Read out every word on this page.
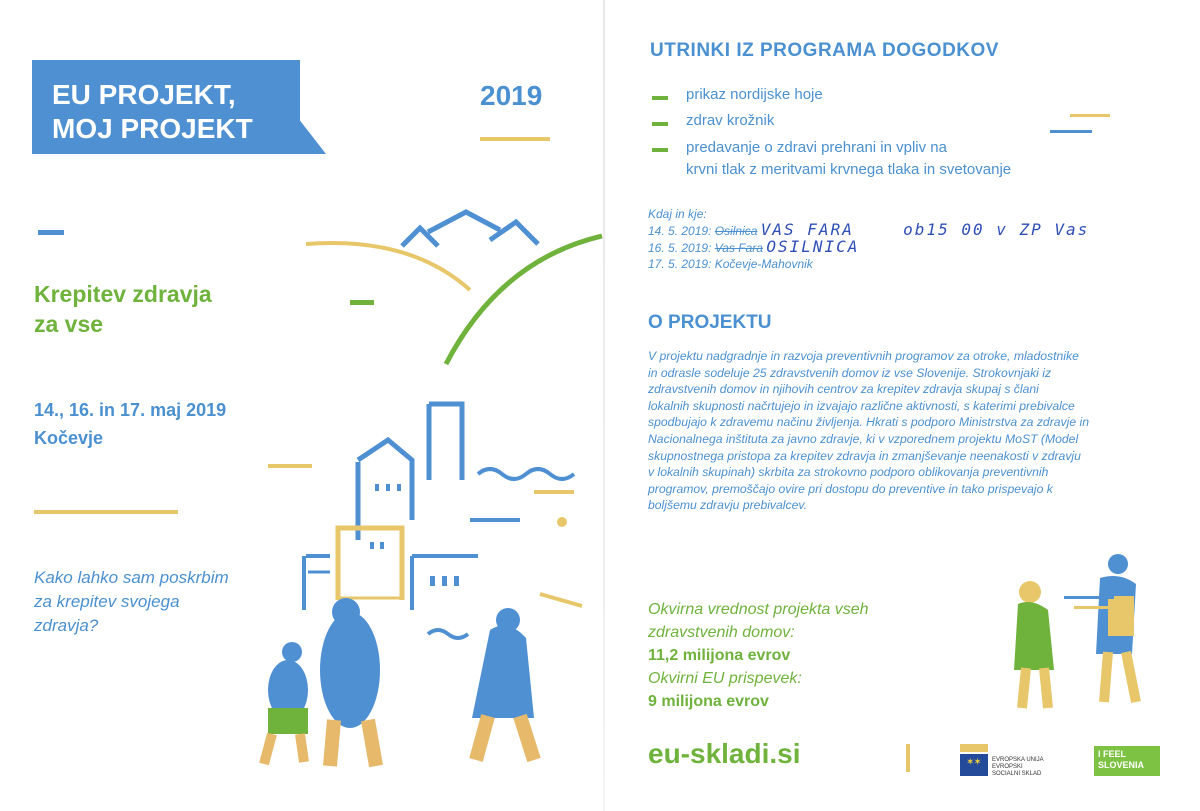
EU PROJEKT,
MOJ PROJEKT
2019
Krepitev zdravja
za vse
14., 16. in 17. maj 2019
Kočevje
Kako lahko sam poskrbim
za krepitev svojega
zdravja?
UTRINKI IZ PROGRAMA DOGODKOV
prikaz nordijske hoje
zdrav krožnik
predavanje o zdravi prehrani in vpliv na
krvni tlak z meritvami krvnega tlaka in svetovanje
Kdaj in kje:
14. 5. 2019: Osilnica VAS FARA	ob15 00 v ZP Vas
16. 5. 2019: Vas Fara OSILNICA
17. 5. 2019: Kočevje-Mahovnik
O PROJEKTU
V projektu nadgradnje in razvoja preventivnih programov za otroke, mladostnike
in odrasle sodeluje 25 zdravstvenih domov iz vse Slovenije. Strokovnjaki iz
zdravstvenih domov in njihovih centrov za krepitev zdravja skupaj s člani
lokalnih skupnosti načrtujejo in izvajajo različne aktivnosti, s katerimi prebivalce
spodbujajo k zdravemu načinu življenja. Hkrati s podporo Ministrstva za zdravje in
Nacionalnega inštituta za javno zdravje, ki v vzporednem projektu MoST (Model
skupnostnega pristopa za krepitev zdravja in zmanjševanje neenakosti v zdravju
v lokalnih skupinah) skrbita za strokovno podporo oblikovanja preventivnih
programov, premoščajo ovire pri dostopu do preventive in tako prispevajo k
boljšemu zdravju prebivalcev.
Okvirna vrednost projekta vseh
zdravstvenih domov:
11,2 milijona evrov
Okvirni EU prispevek:
9 milijona evrov
eu-skladi.si	✶✶ EVROPSKA UNIJA
EVROPSKI
SOCIALNI SKLAD
I FEEL
SLOVENIA
